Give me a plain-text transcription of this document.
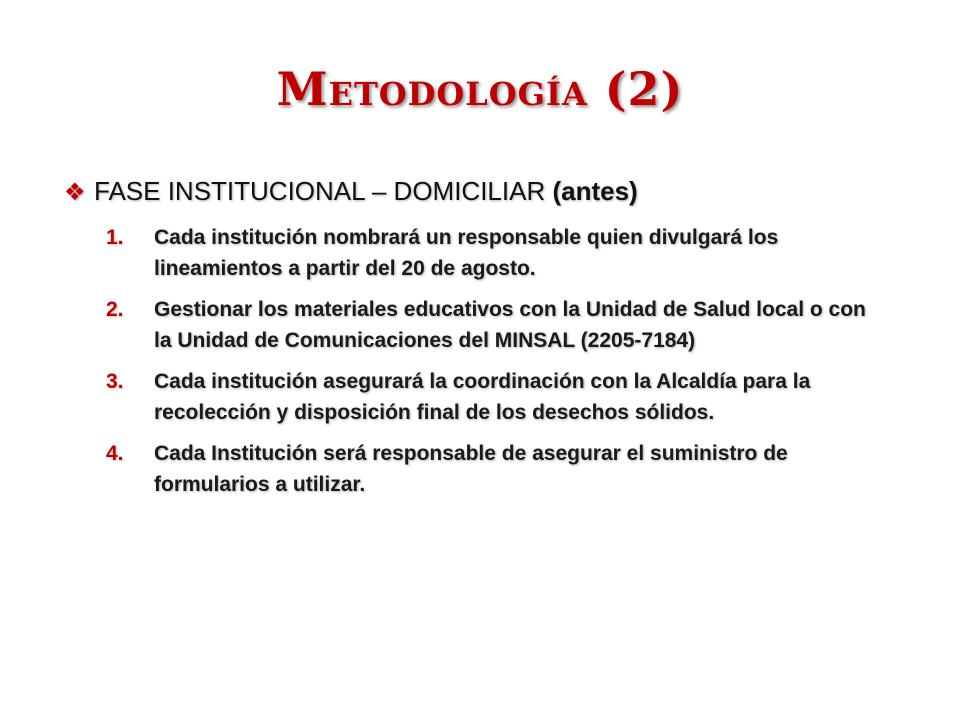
Metodología (2)
❖ FASE INSTITUCIONAL – DOMICILIAR (antes)
1.	Cada institución nombrará un responsable quien divulgará los lineamientos a partir del 20 de agosto.
2.	Gestionar los materiales educativos con la Unidad de Salud local o con la Unidad de Comunicaciones del MINSAL (2205-7184)
3.	Cada institución asegurará la coordinación con la Alcaldía para la recolección y disposición final de los desechos sólidos.
4.	Cada Institución será responsable de asegurar el suministro de formularios a utilizar.
